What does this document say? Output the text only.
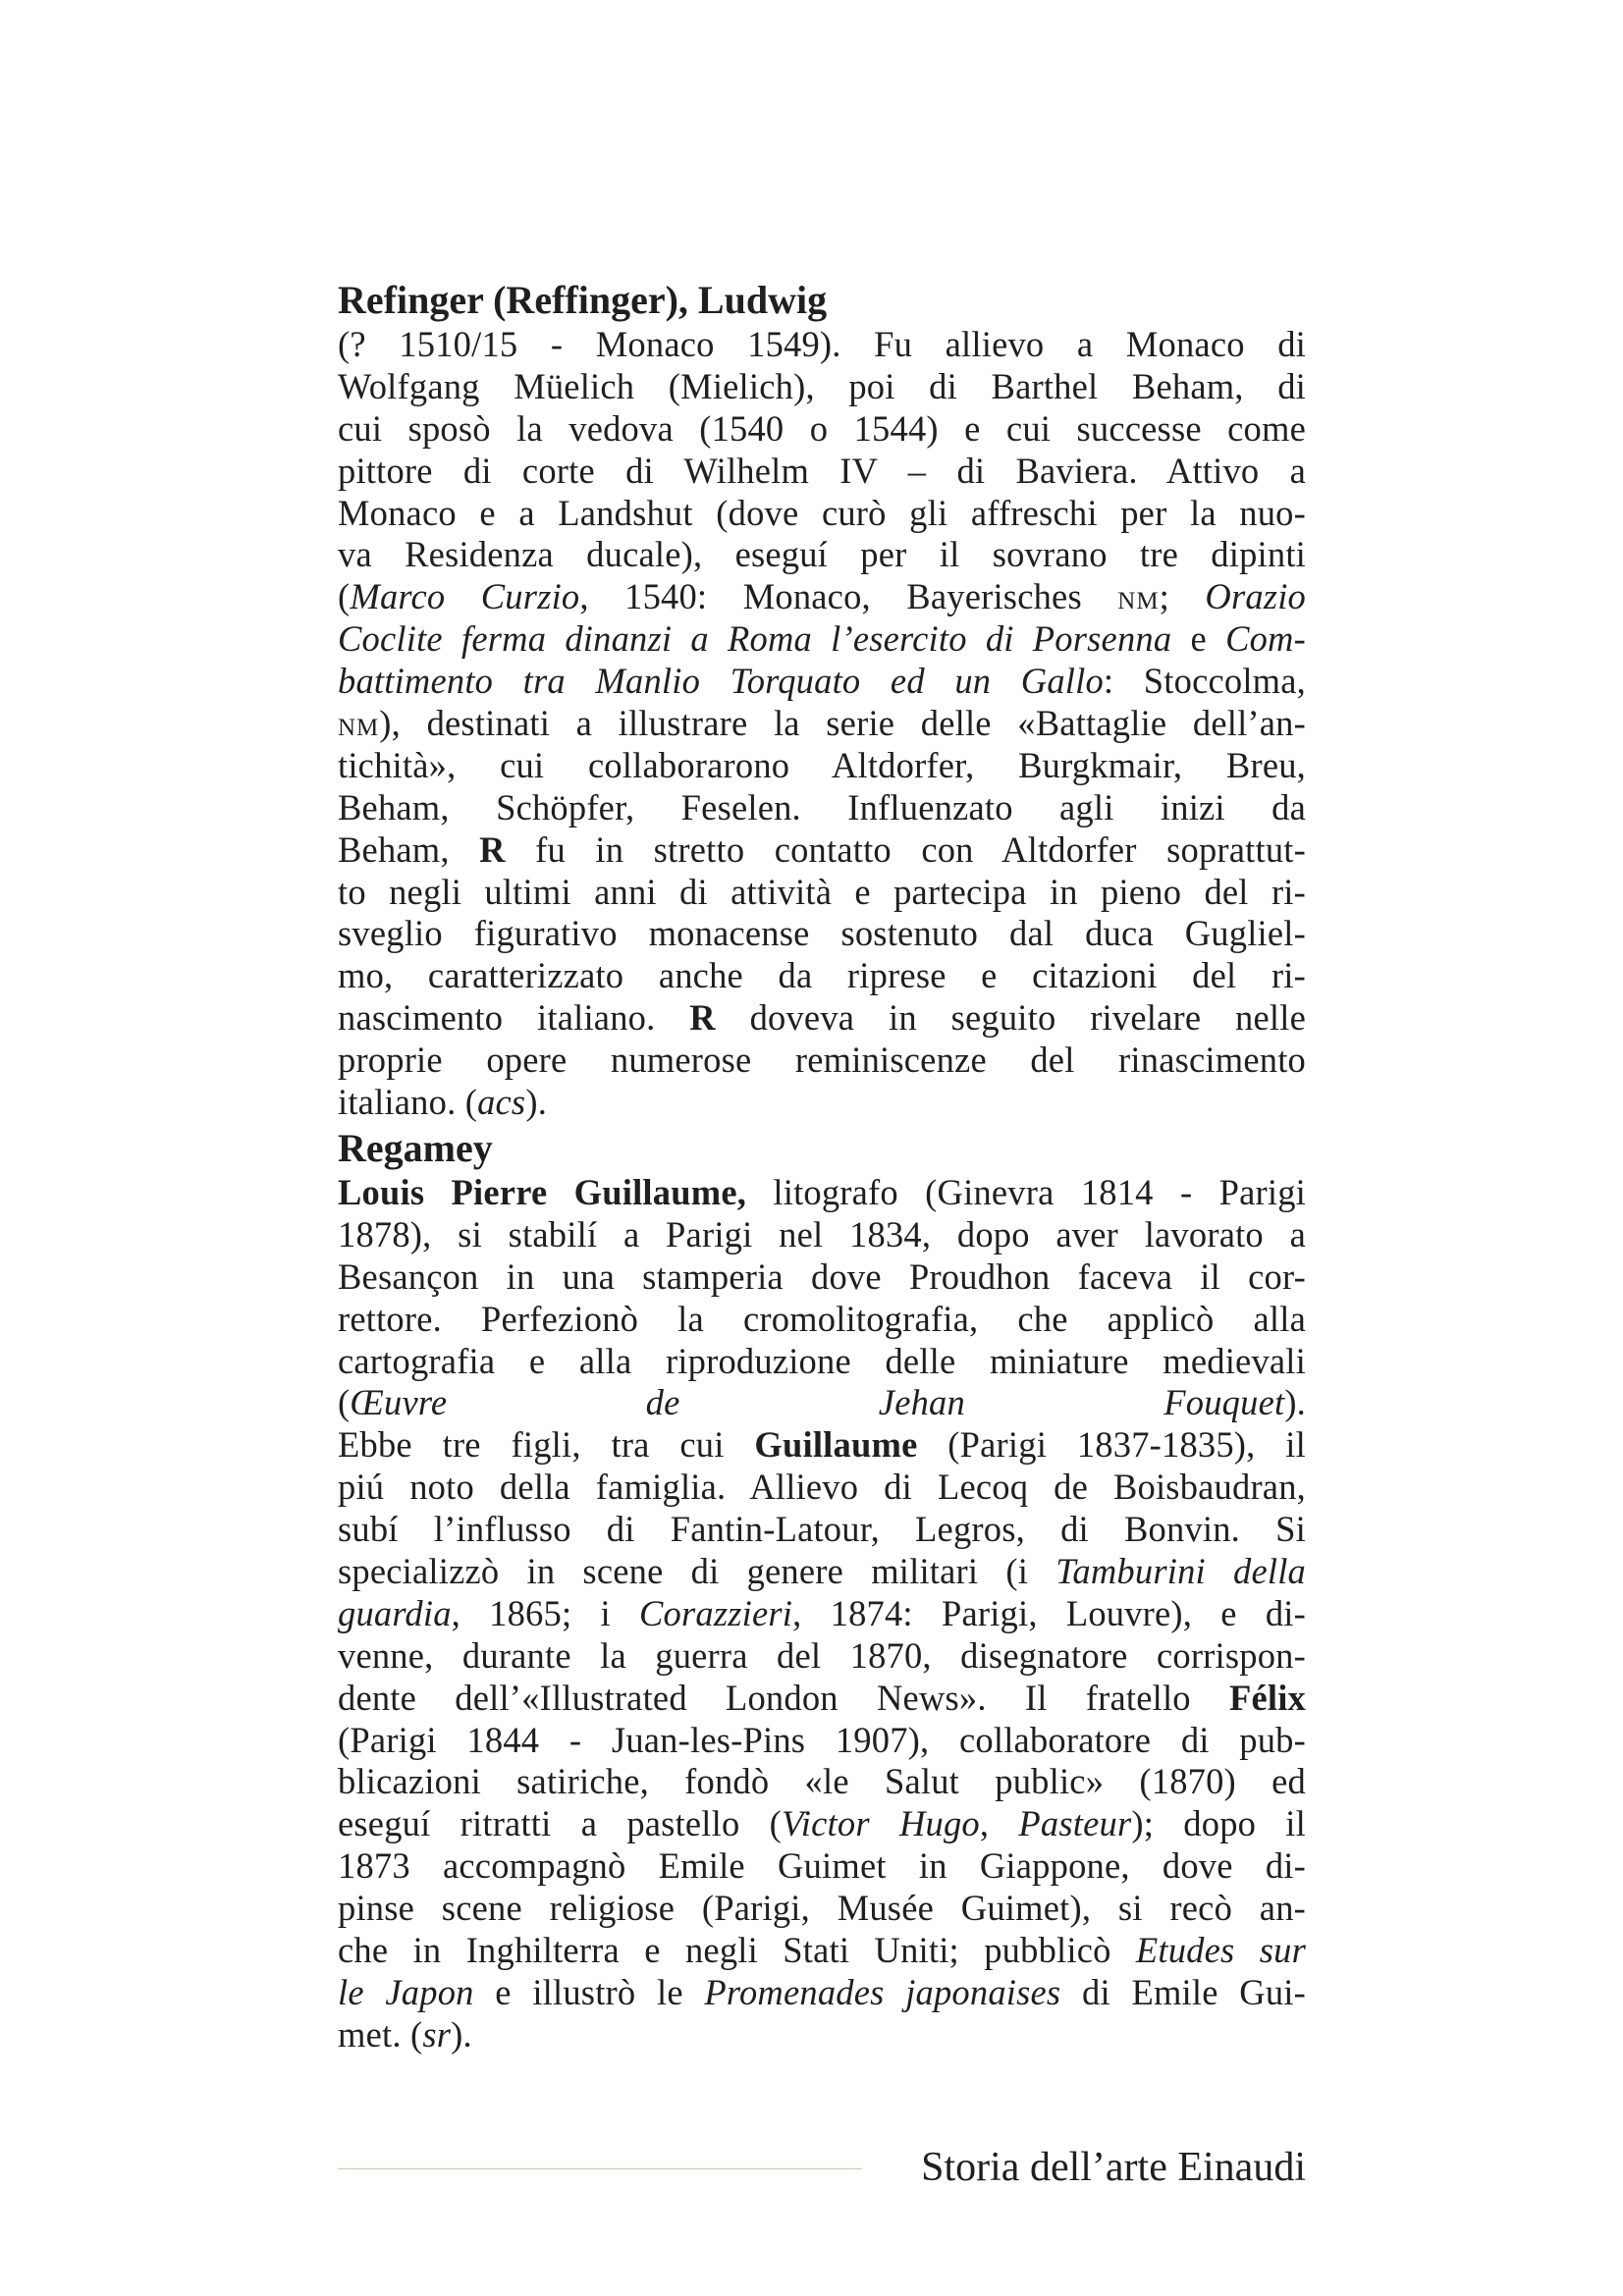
Refinger (Reffinger), Ludwig
(? 1510/15 - Monaco 1549). Fu allievo a Monaco di
Wolfgang Müelich (Mielich), poi di Barthel Beham, di
cui sposò la vedova (1540 o 1544) e cui successe come
pittore di corte di Wilhelm IV – di Baviera. Attivo a
Monaco e a Landshut (dove curò gli affreschi per la nuo-
va Residenza ducale), eseguí per il sovrano tre dipinti
(Marco Curzio, 1540: Monaco, Bayerisches NM; Orazio
Coclite ferma dinanzi a Roma l’esercito di Porsenna e Com-
battimento tra Manlio Torquato ed un Gallo: Stoccolma,
NM), destinati a illustrare la serie delle «Battaglie dell’an-
tichità», cui collaborarono Altdorfer, Burgkmair, Breu,
Beham, Schöpfer, Feselen. Influenzato agli inizi da
Beham, R fu in stretto contatto con Altdorfer soprattut-
to negli ultimi anni di attività e partecipa in pieno del ri-
sveglio figurativo monacense sostenuto dal duca Gugliel-
mo, caratterizzato anche da riprese e citazioni del ri-
nascimento italiano. R doveva in seguito rivelare nelle
proprie opere numerose reminiscenze del rinascimento
italiano. (acs).
Regamey
Louis Pierre Guillaume, litografo (Ginevra 1814 - Parigi
1878), si stabilí a Parigi nel 1834, dopo aver lavorato a
Besançon in una stamperia dove Proudhon faceva il cor-
rettore. Perfezionò la cromolitografia, che applicò alla
cartografia e alla riproduzione delle miniature medievali
(Œuvre de Jehan Fouquet).
Ebbe tre figli, tra cui Guillaume (Parigi 1837-1835), il
piú noto della famiglia. Allievo di Lecoq de Boisbaudran,
subí l’influsso di Fantin-Latour, Legros, di Bonvin. Si
specializzò in scene di genere militari (i Tamburini della
guardia, 1865; i Corazzieri, 1874: Parigi, Louvre), e di-
venne, durante la guerra del 1870, disegnatore corrispon-
dente dell’«Illustrated London News». Il fratello Félix
(Parigi 1844 - Juan-les-Pins 1907), collaboratore di pub-
blicazioni satiriche, fondò «le Salut public» (1870) ed
eseguí ritratti a pastello (Victor Hugo, Pasteur); dopo il
1873 accompagnò Emile Guimet in Giappone, dove di-
pinse scene religiose (Parigi, Musée Guimet), si recò an-
che in Inghilterra e negli Stati Uniti; pubblicò Etudes sur
le Japon e illustrò le Promenades japonaises di Emile Gui-
met. (sr).
Storia dell’arte Einaudi
